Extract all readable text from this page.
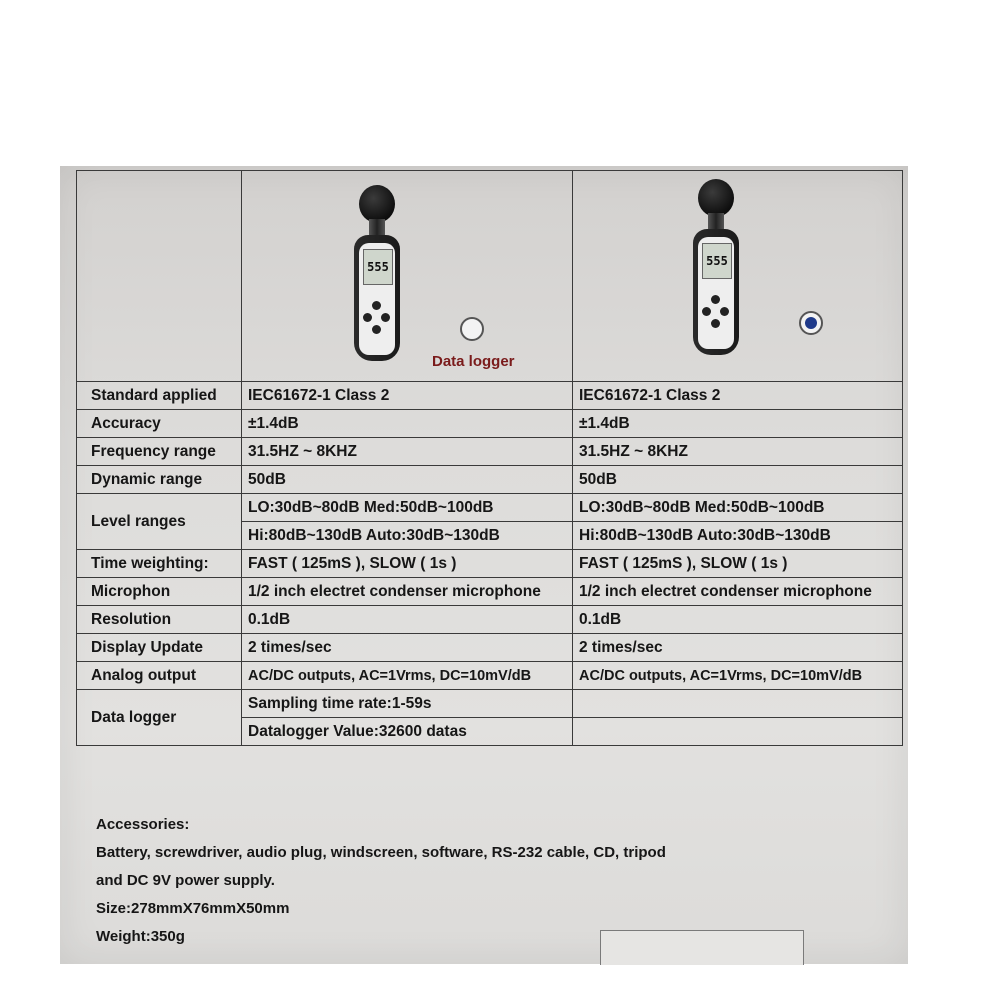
	555
Data logger	555

Standard applied	IEC61672-1 Class 2	IEC61672-1 Class 2
Accuracy	±1.4dB	±1.4dB
Frequency range	31.5HZ ~ 8KHZ	31.5HZ ~ 8KHZ
Dynamic range	50dB	50dB
Level ranges	LO:30dB~80dB Med:50dB~100dB	LO:30dB~80dB Med:50dB~100dB
	Hi:80dB~130dB Auto:30dB~130dB	Hi:80dB~130dB Auto:30dB~130dB
Time weighting:	FAST ( 125mS ), SLOW ( 1s )	FAST ( 125mS ), SLOW ( 1s )
Microphon	1/2 inch electret condenser microphone	1/2 inch electret condenser microphone
Resolution	0.1dB	0.1dB
Display Update	2 times/sec	2 times/sec
Analog output	AC/DC outputs, AC=1Vrms, DC=10mV/dB	AC/DC outputs, AC=1Vrms, DC=10mV/dB
Data logger	Sampling time rate:1-59s	
	Datalogger Value:32600 datas	
Accessories:
Battery, screwdriver, audio plug, windscreen, software, RS-232 cable, CD, tripod
and DC 9V power supply.
Size:278mmX76mmX50mm
Weight:350g
